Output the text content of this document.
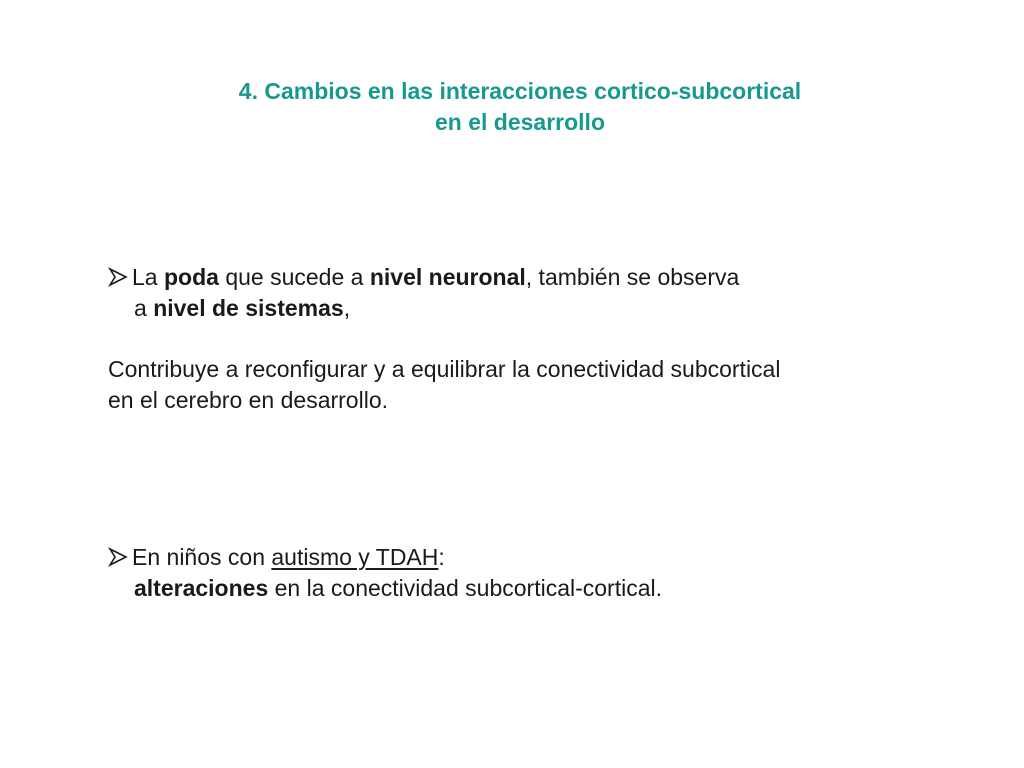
4. Cambios en las interacciones cortico-subcortical
en el desarrollo
La poda que sucede a nivel neuronal, también se observa
a nivel de sistemas,
Contribuye a reconfigurar y a equilibrar la conectividad subcortical
en el cerebro en desarrollo.
En niños con autismo y TDAH:
alteraciones en la conectividad subcortical-cortical.
